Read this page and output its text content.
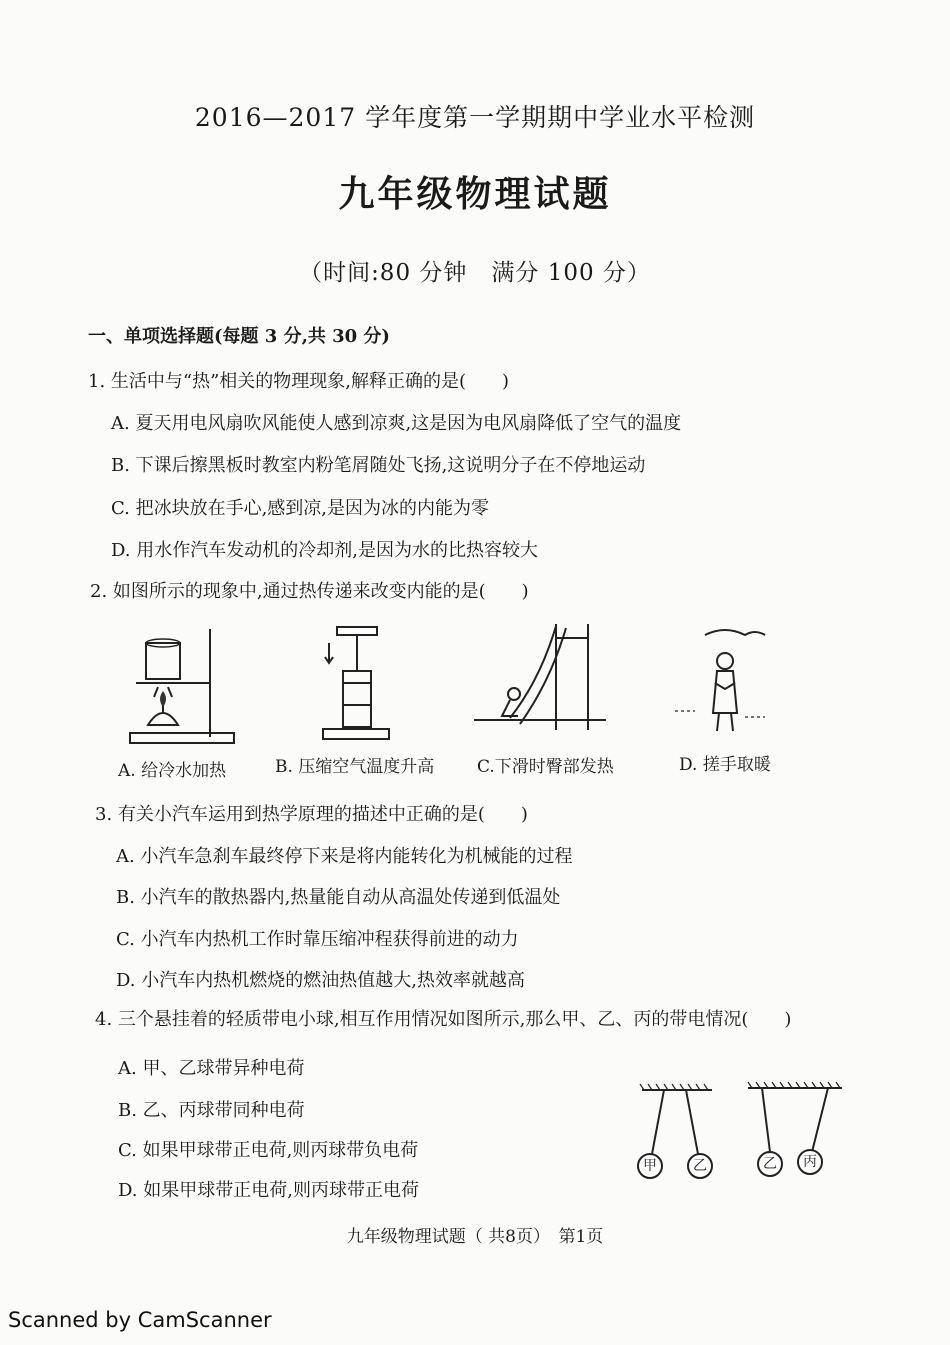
2016—2017 学年度第一学期期中学业水平检测
九年级物理试题
（时间:80 分钟　满分 100 分）
一、单项选择题(每题 3 分,共 30 分)
1. 生活中与“热”相关的物理现象,解释正确的是(　　)
A. 夏天用电风扇吹风能使人感到凉爽,这是因为电风扇降低了空气的温度
B. 下课后擦黑板时教室内粉笔屑随处飞扬,这说明分子在不停地运动
C. 把冰块放在手心,感到凉,是因为冰的内能为零
D. 用水作汽车发动机的冷却剂,是因为水的比热容较大
2. 如图所示的现象中,通过热传递来改变内能的是(　　)
A. 给冷水加热	B. 压缩空气温度升高	C.下滑时臀部发热	D. 搓手取暖
3. 有关小汽车运用到热学原理的描述中正确的是(　　)
A. 小汽车急刹车最终停下来是将内能转化为机械能的过程
B. 小汽车的散热器内,热量能自动从高温处传递到低温处
C. 小汽车内热机工作时靠压缩冲程获得前进的动力
D. 小汽车内热机燃烧的燃油热值越大,热效率就越高
4. 三个悬挂着的轻质带电小球,相互作用情况如图所示,那么甲、乙、丙的带电情况(　　)
A. 甲、乙球带异种电荷
B. 乙、丙球带同种电荷
C. 如果甲球带正电荷,则丙球带负电荷
D. 如果甲球带正电荷,则丙球带正电荷
甲	乙	乙 丙
九年级物理试题（ 共8页）　第1页
Scanned by CamScanner
